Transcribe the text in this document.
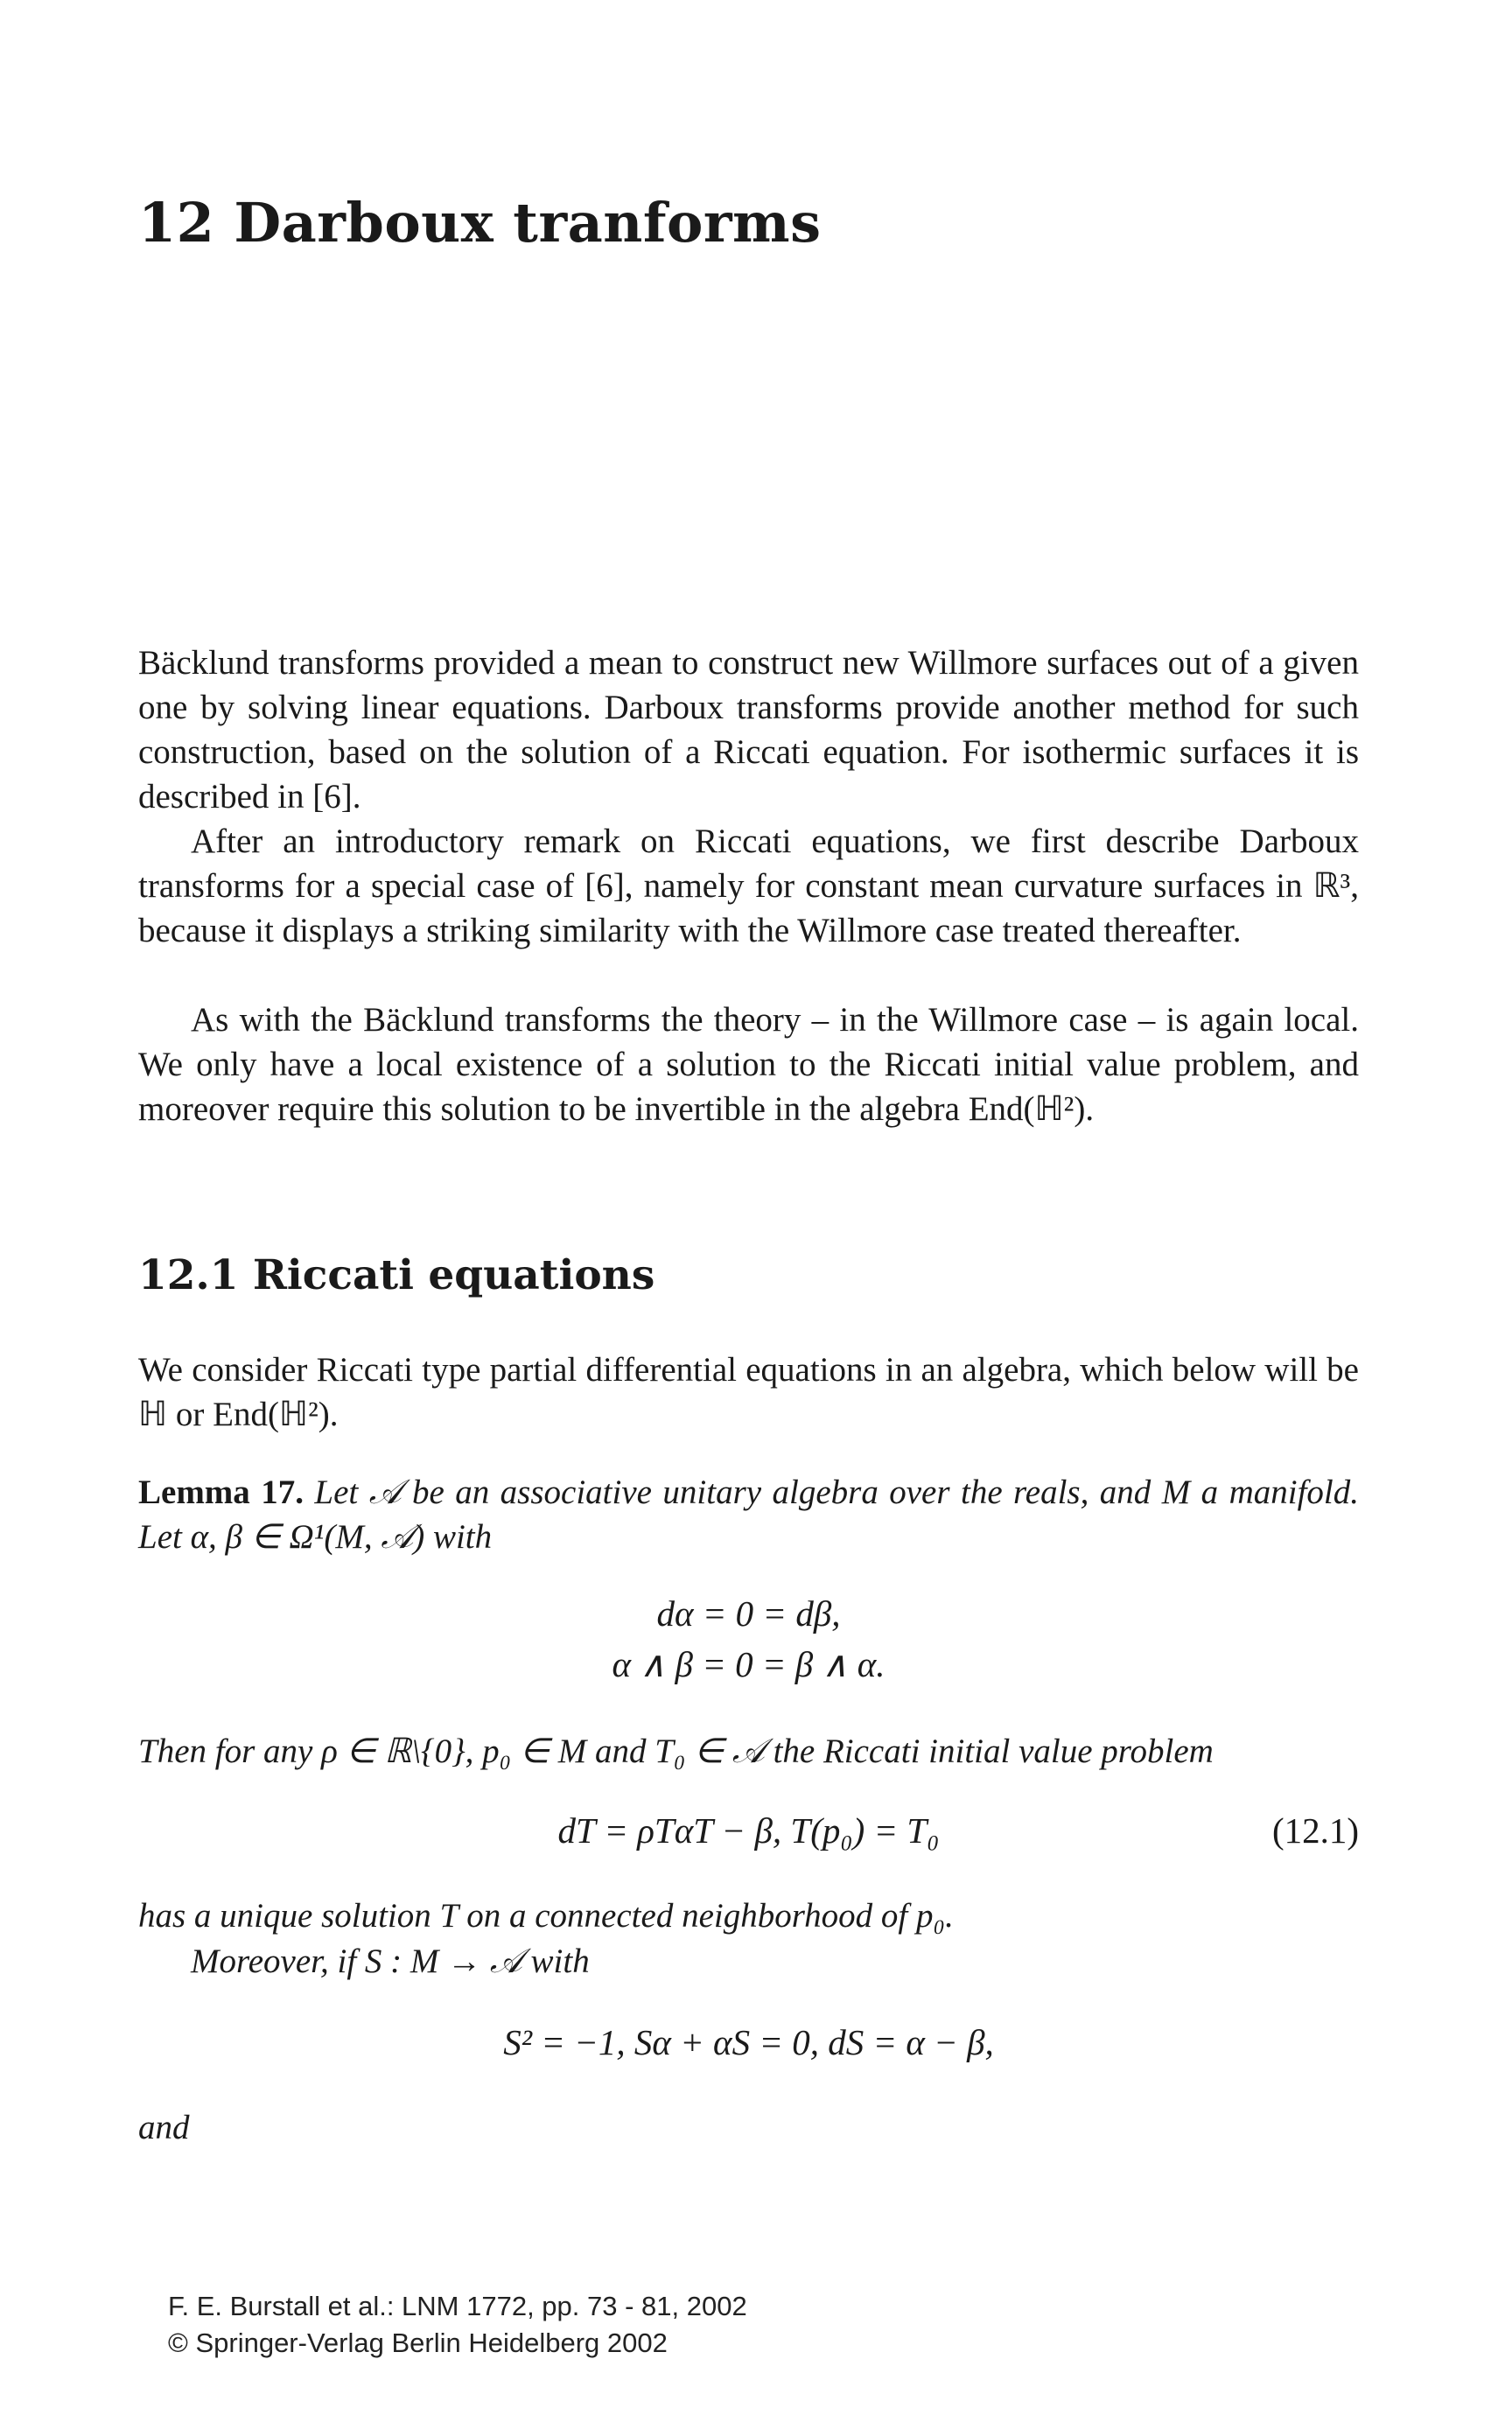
12 Darboux tranforms
Bäcklund transforms provided a mean to construct new Willmore surfaces out of a given one by solving linear equations. Darboux transforms provide another method for such construction, based on the solution of a Riccati equation. For isothermic surfaces it is described in [6].
After an introductory remark on Riccati equations, we first describe Darboux transforms for a special case of [6], namely for constant mean curvature surfaces in ℝ³, because it displays a striking similarity with the Willmore case treated thereafter.
As with the Bäcklund transforms the theory – in the Willmore case – is again local. We only have a local existence of a solution to the Riccati initial value problem, and moreover require this solution to be invertible in the algebra End(ℍ²).
12.1 Riccati equations
We consider Riccati type partial differential equations in an algebra, which below will be ℍ or End(ℍ²).
Lemma 17. Let 𝒜 be an associative unitary algebra over the reals, and M a manifold. Let α, β ∈ Ω¹(M, 𝒜) with
dα = 0 = dβ,
α ∧ β = 0 = β ∧ α.
Then for any ρ ∈ ℝ\{0}, p₀ ∈ M and T₀ ∈ 𝒜 the Riccati initial value problem
dT = ρTαT − β, T(p₀) = T₀	(12.1)
has a unique solution T on a connected neighborhood of p₀.
Moreover, if S : M → 𝒜 with
S² = −1, Sα + αS = 0, dS = α − β,
and
F. E. Burstall et al.: LNM 1772, pp. 73 - 81, 2002
© Springer-Verlag Berlin Heidelberg 2002
